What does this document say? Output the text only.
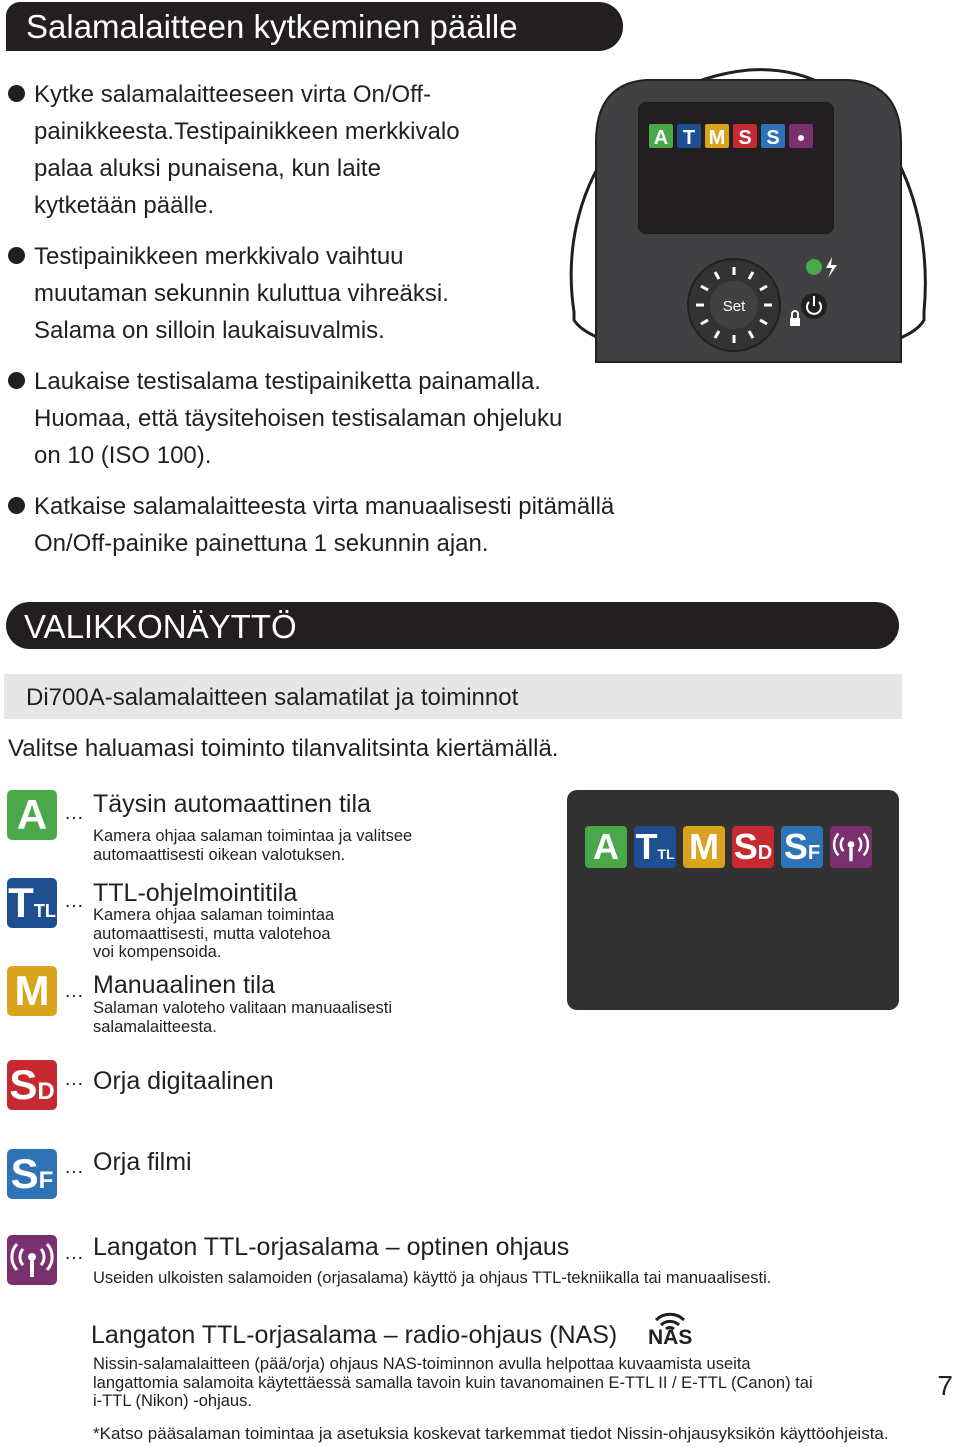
Salamalaitteen kytkeminen päälle
Kytke salamalaitteeseen virta On/Off-painikkeesta.Testipainikkeen merkkivalo palaa aluksi punaisena, kun laite kytketään päälle.
Testipainikkeen merkkivalo vaihtuu muutaman sekunnin kuluttua vihreäksi. Salama on silloin laukaisuvalmis.
Laukaise testisalama testipainiketta painamalla. Huomaa, että täysitehoisen testisalaman ohjeluku on 10 (ISO 100).
Katkaise salamalaitteesta virta manuaalisesti pitämällä On/Off-painike painettuna 1 sekunnin ajan.
A T M S S
Set
VALIKKONÄYTTÖ
Di700A-salamalaitteen salamatilat ja toiminnot
Valitse haluamasi toiminto tilanvalitsinta kiertämällä.
A … Täysin automaattinen tila
Kamera ohjaa salaman toimintaa ja valitsee
automaattisesti oikean valotuksen.
TTL … TTL-ohjelmointitila
Kamera ohjaa salaman toimintaa
automaattisesti, mutta valotehoa
voi kompensoida.
M … Manuaalinen tila
Salaman valoteho valitaan manuaalisesti
salamalaitteesta.
SD … Orja digitaalinen
SF … Orja filmi
… Langaton TTL-orjasalama – optinen ohjaus
Useiden ulkoisten salamoiden (orjasalama) käyttö ja ohjaus TTL-tekniikalla tai manuaalisesti.
A TTL M SD SF
Langaton TTL-orjasalama – radio-ohjaus (NAS) NAS
Nissin-salamalaitteen (pää/orja) ohjaus NAS-toiminnon avulla helpottaa kuvaamista useita
langattomia salamoita käytettäessä samalla tavoin kuin tavanomainen E-TTL II / E-TTL (Canon) tai
i-TTL (Nikon) -ohjaus.	7
*Katso pääsalaman toimintaa ja asetuksia koskevat tarkemmat tiedot Nissin-ohjausyksikön käyttöohjeista.
